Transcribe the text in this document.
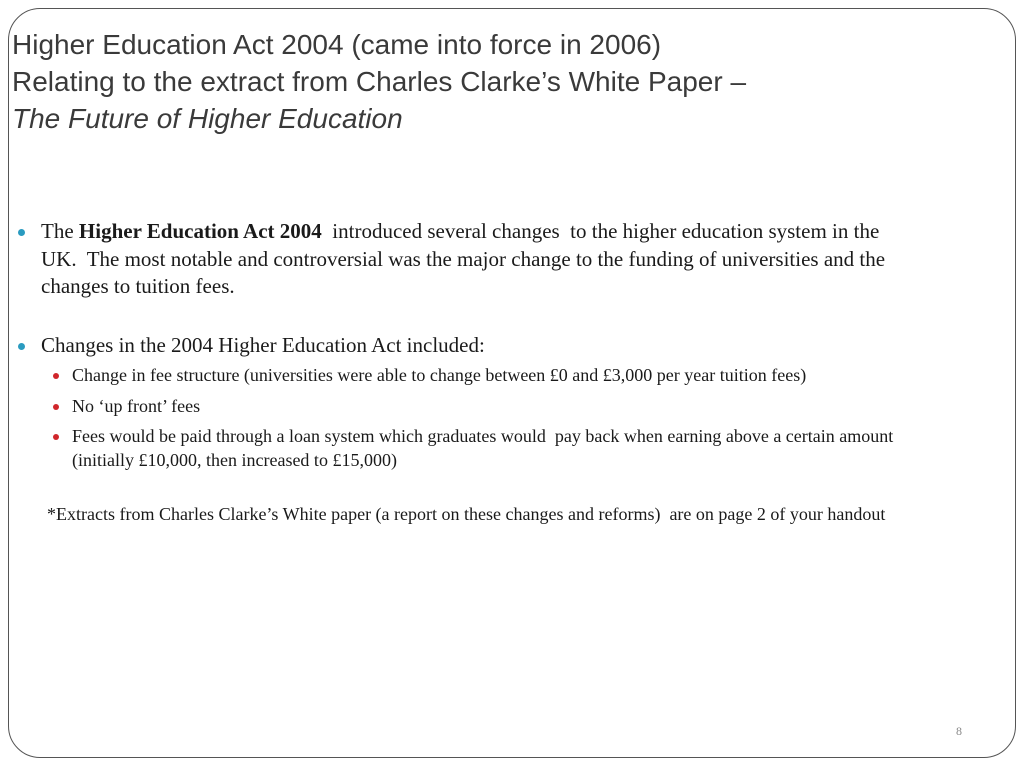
Higher Education Act 2004 (came into force in 2006)
Relating to the extract from Charles Clarke’s White Paper –
The Future of Higher Education
The Higher Education Act 2004  introduced several changes  to the higher education system in the UK.  The most notable and controversial was the major change to the funding of universities and the changes to tuition fees.
Changes in the 2004 Higher Education Act included:
Change in fee structure (universities were able to change between £0 and £3,000 per year tuition fees)
No ‘up front’ fees
Fees would be paid through a loan system which graduates would  pay back when earning above a certain amount (initially £10,000, then increased to £15,000)
*Extracts from Charles Clarke’s White paper (a report on these changes and reforms)  are on page 2 of your handout
8
